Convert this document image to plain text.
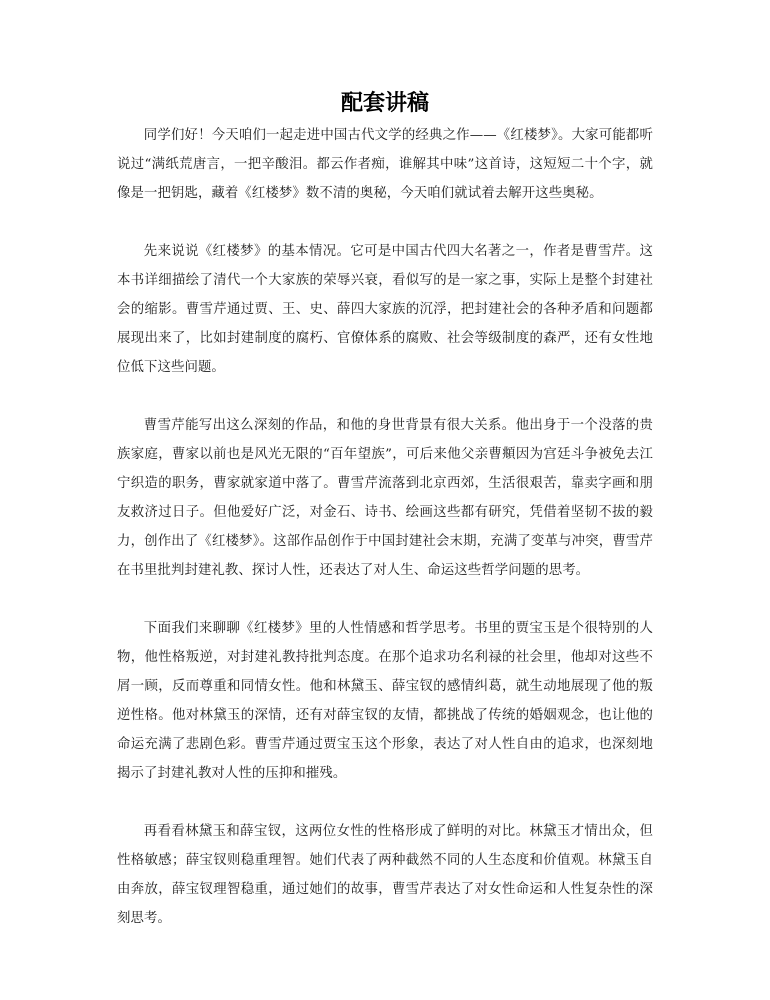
配套讲稿

同学们好！今天咱们一起走进中国古代文学的经典之作——《红楼梦》。大家可能都听说过“满纸荒唐言，一把辛酸泪。都云作者痴，谁解其中味”这首诗，这短短二十个字，就像是一把钥匙，藏着《红楼梦》数不清的奥秘，今天咱们就试着去解开这些奥秘。

先来说说《红楼梦》的基本情况。它可是中国古代四大名著之一，作者是曹雪芹。这本书详细描绘了清代一个大家族的荣辱兴衰，看似写的是一家之事，实际上是整个封建社会的缩影。曹雪芹通过贾、王、史、薛四大家族的沉浮，把封建社会的各种矛盾和问题都展现出来了，比如封建制度的腐朽、官僚体系的腐败、社会等级制度的森严，还有女性地位低下这些问题。

曹雪芹能写出这么深刻的作品，和他的身世背景有很大关系。他出身于一个没落的贵族家庭，曹家以前也是风光无限的“百年望族”，可后来他父亲曹頫因为宫廷斗争被免去江宁织造的职务，曹家就家道中落了。曹雪芹流落到北京西郊，生活很艰苦，靠卖字画和朋友救济过日子。但他爱好广泛，对金石、诗书、绘画这些都有研究，凭借着坚韧不拔的毅力，创作出了《红楼梦》。这部作品创作于中国封建社会末期，充满了变革与冲突，曹雪芹在书里批判封建礼教、探讨人性，还表达了对人生、命运这些哲学问题的思考。

下面我们来聊聊《红楼梦》里的人性情感和哲学思考。书里的贾宝玉是个很特别的人物，他性格叛逆，对封建礼教持批判态度。在那个追求功名利禄的社会里，他却对这些不屑一顾，反而尊重和同情女性。他和林黛玉、薛宝钗的感情纠葛，就生动地展现了他的叛逆性格。他对林黛玉的深情，还有对薛宝钗的友情，都挑战了传统的婚姻观念，也让他的命运充满了悲剧色彩。曹雪芹通过贾宝玉这个形象，表达了对人性自由的追求，也深刻地揭示了封建礼教对人性的压抑和摧残。

再看看林黛玉和薛宝钗，这两位女性的性格形成了鲜明的对比。林黛玉才情出众，但性格敏感；薛宝钗则稳重理智。她们代表了两种截然不同的人生态度和价值观。林黛玉自由奔放，薛宝钗理智稳重，通过她们的故事，曹雪芹表达了对女性命运和人性复杂性的深刻思考。
